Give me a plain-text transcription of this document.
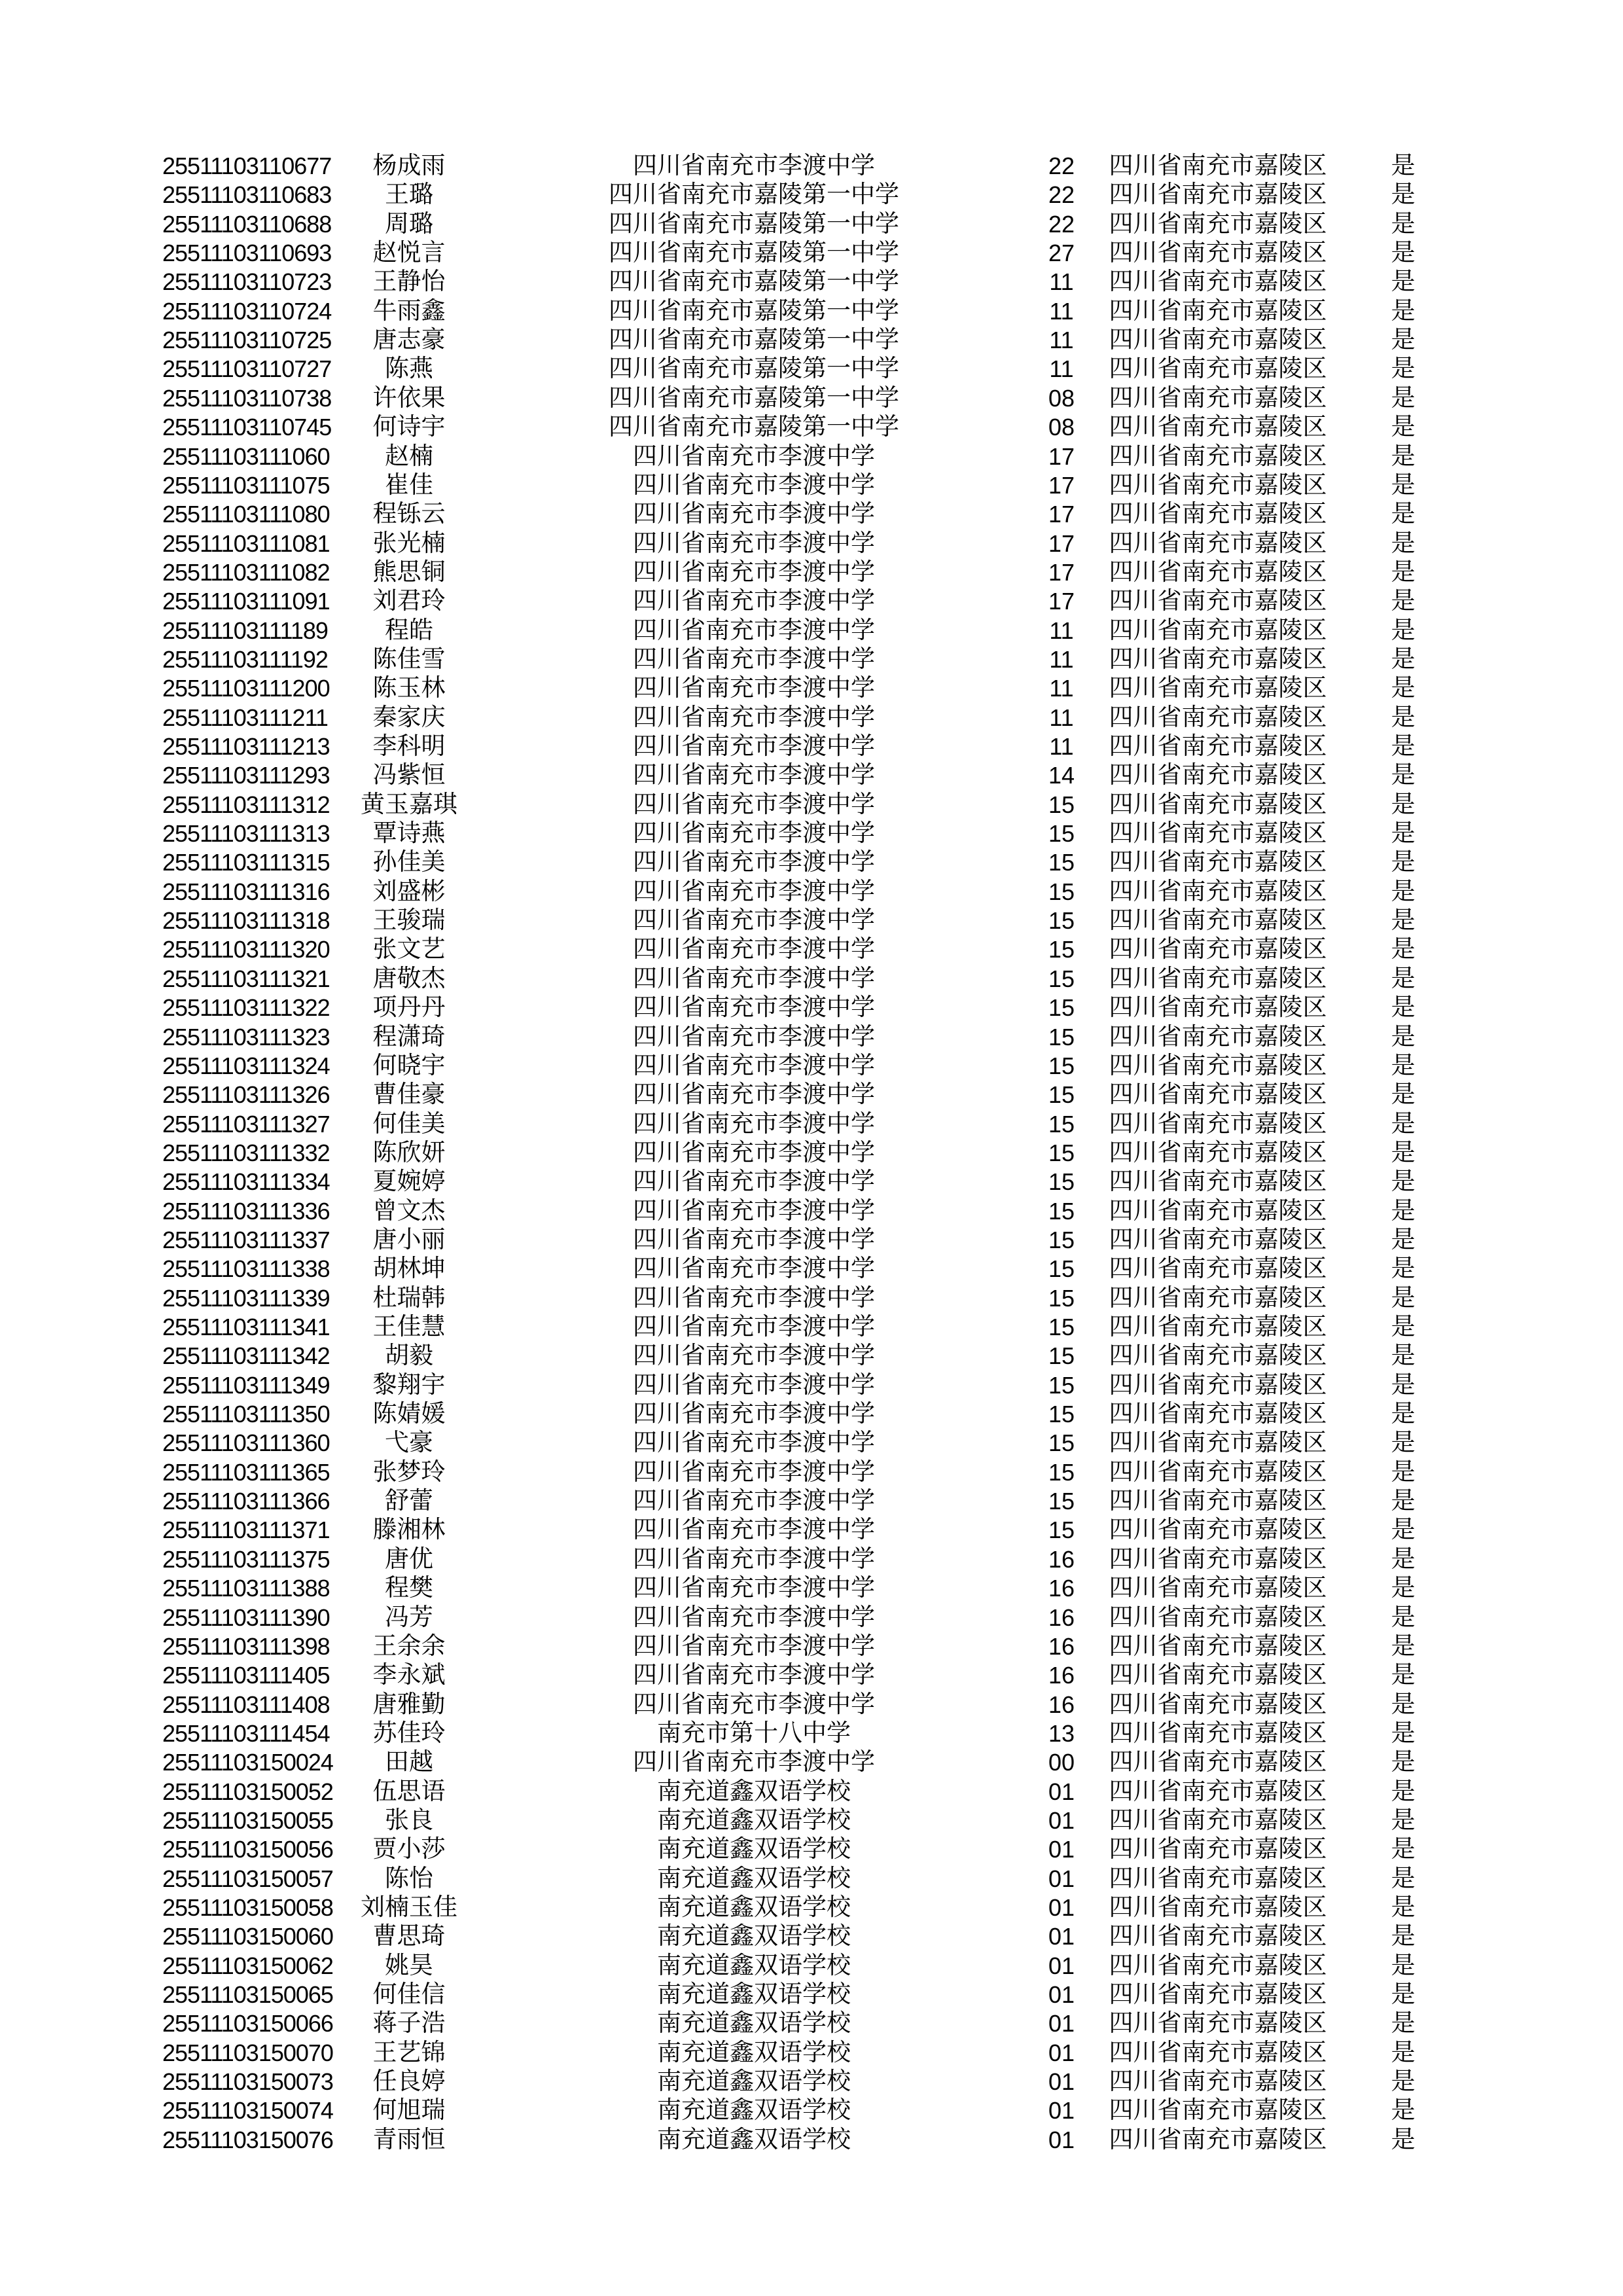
25511103110677	杨成雨	四川省南充市李渡中学	22	四川省南充市嘉陵区	是
25511103110683	王璐	四川省南充市嘉陵第一中学	22	四川省南充市嘉陵区	是
25511103110688	周璐	四川省南充市嘉陵第一中学	22	四川省南充市嘉陵区	是
25511103110693	赵悦言	四川省南充市嘉陵第一中学	27	四川省南充市嘉陵区	是
25511103110723	王静怡	四川省南充市嘉陵第一中学	11	四川省南充市嘉陵区	是
25511103110724	牛雨鑫	四川省南充市嘉陵第一中学	11	四川省南充市嘉陵区	是
25511103110725	唐志豪	四川省南充市嘉陵第一中学	11	四川省南充市嘉陵区	是
25511103110727	陈燕	四川省南充市嘉陵第一中学	11	四川省南充市嘉陵区	是
25511103110738	许依果	四川省南充市嘉陵第一中学	08	四川省南充市嘉陵区	是
25511103110745	何诗宇	四川省南充市嘉陵第一中学	08	四川省南充市嘉陵区	是
25511103111060	赵楠	四川省南充市李渡中学	17	四川省南充市嘉陵区	是
25511103111075	崔佳	四川省南充市李渡中学	17	四川省南充市嘉陵区	是
25511103111080	程铄云	四川省南充市李渡中学	17	四川省南充市嘉陵区	是
25511103111081	张光楠	四川省南充市李渡中学	17	四川省南充市嘉陵区	是
25511103111082	熊思铜	四川省南充市李渡中学	17	四川省南充市嘉陵区	是
25511103111091	刘君玲	四川省南充市李渡中学	17	四川省南充市嘉陵区	是
25511103111189	程皓	四川省南充市李渡中学	11	四川省南充市嘉陵区	是
25511103111192	陈佳雪	四川省南充市李渡中学	11	四川省南充市嘉陵区	是
25511103111200	陈玉林	四川省南充市李渡中学	11	四川省南充市嘉陵区	是
25511103111211	秦家庆	四川省南充市李渡中学	11	四川省南充市嘉陵区	是
25511103111213	李科明	四川省南充市李渡中学	11	四川省南充市嘉陵区	是
25511103111293	冯紫恒	四川省南充市李渡中学	14	四川省南充市嘉陵区	是
25511103111312	黄玉嘉琪	四川省南充市李渡中学	15	四川省南充市嘉陵区	是
25511103111313	覃诗燕	四川省南充市李渡中学	15	四川省南充市嘉陵区	是
25511103111315	孙佳美	四川省南充市李渡中学	15	四川省南充市嘉陵区	是
25511103111316	刘盛彬	四川省南充市李渡中学	15	四川省南充市嘉陵区	是
25511103111318	王骏瑞	四川省南充市李渡中学	15	四川省南充市嘉陵区	是
25511103111320	张文艺	四川省南充市李渡中学	15	四川省南充市嘉陵区	是
25511103111321	唐敬杰	四川省南充市李渡中学	15	四川省南充市嘉陵区	是
25511103111322	项丹丹	四川省南充市李渡中学	15	四川省南充市嘉陵区	是
25511103111323	程潇琦	四川省南充市李渡中学	15	四川省南充市嘉陵区	是
25511103111324	何晓宇	四川省南充市李渡中学	15	四川省南充市嘉陵区	是
25511103111326	曹佳豪	四川省南充市李渡中学	15	四川省南充市嘉陵区	是
25511103111327	何佳美	四川省南充市李渡中学	15	四川省南充市嘉陵区	是
25511103111332	陈欣妍	四川省南充市李渡中学	15	四川省南充市嘉陵区	是
25511103111334	夏婉婷	四川省南充市李渡中学	15	四川省南充市嘉陵区	是
25511103111336	曾文杰	四川省南充市李渡中学	15	四川省南充市嘉陵区	是
25511103111337	唐小丽	四川省南充市李渡中学	15	四川省南充市嘉陵区	是
25511103111338	胡林坤	四川省南充市李渡中学	15	四川省南充市嘉陵区	是
25511103111339	杜瑞韩	四川省南充市李渡中学	15	四川省南充市嘉陵区	是
25511103111341	王佳慧	四川省南充市李渡中学	15	四川省南充市嘉陵区	是
25511103111342	胡毅	四川省南充市李渡中学	15	四川省南充市嘉陵区	是
25511103111349	黎翔宇	四川省南充市李渡中学	15	四川省南充市嘉陵区	是
25511103111350	陈婧媛	四川省南充市李渡中学	15	四川省南充市嘉陵区	是
25511103111360	弋豪	四川省南充市李渡中学	15	四川省南充市嘉陵区	是
25511103111365	张梦玲	四川省南充市李渡中学	15	四川省南充市嘉陵区	是
25511103111366	舒蕾	四川省南充市李渡中学	15	四川省南充市嘉陵区	是
25511103111371	滕湘林	四川省南充市李渡中学	15	四川省南充市嘉陵区	是
25511103111375	唐优	四川省南充市李渡中学	16	四川省南充市嘉陵区	是
25511103111388	程樊	四川省南充市李渡中学	16	四川省南充市嘉陵区	是
25511103111390	冯芳	四川省南充市李渡中学	16	四川省南充市嘉陵区	是
25511103111398	王余余	四川省南充市李渡中学	16	四川省南充市嘉陵区	是
25511103111405	李永斌	四川省南充市李渡中学	16	四川省南充市嘉陵区	是
25511103111408	唐雅勤	四川省南充市李渡中学	16	四川省南充市嘉陵区	是
25511103111454	苏佳玲	南充市第十八中学	13	四川省南充市嘉陵区	是
25511103150024	田越	四川省南充市李渡中学	00	四川省南充市嘉陵区	是
25511103150052	伍思语	南充道鑫双语学校	01	四川省南充市嘉陵区	是
25511103150055	张良	南充道鑫双语学校	01	四川省南充市嘉陵区	是
25511103150056	贾小莎	南充道鑫双语学校	01	四川省南充市嘉陵区	是
25511103150057	陈怡	南充道鑫双语学校	01	四川省南充市嘉陵区	是
25511103150058	刘楠玉佳	南充道鑫双语学校	01	四川省南充市嘉陵区	是
25511103150060	曹思琦	南充道鑫双语学校	01	四川省南充市嘉陵区	是
25511103150062	姚昊	南充道鑫双语学校	01	四川省南充市嘉陵区	是
25511103150065	何佳信	南充道鑫双语学校	01	四川省南充市嘉陵区	是
25511103150066	蒋子浩	南充道鑫双语学校	01	四川省南充市嘉陵区	是
25511103150070	王艺锦	南充道鑫双语学校	01	四川省南充市嘉陵区	是
25511103150073	任良婷	南充道鑫双语学校	01	四川省南充市嘉陵区	是
25511103150074	何旭瑞	南充道鑫双语学校	01	四川省南充市嘉陵区	是
25511103150076	青雨恒	南充道鑫双语学校	01	四川省南充市嘉陵区	是
